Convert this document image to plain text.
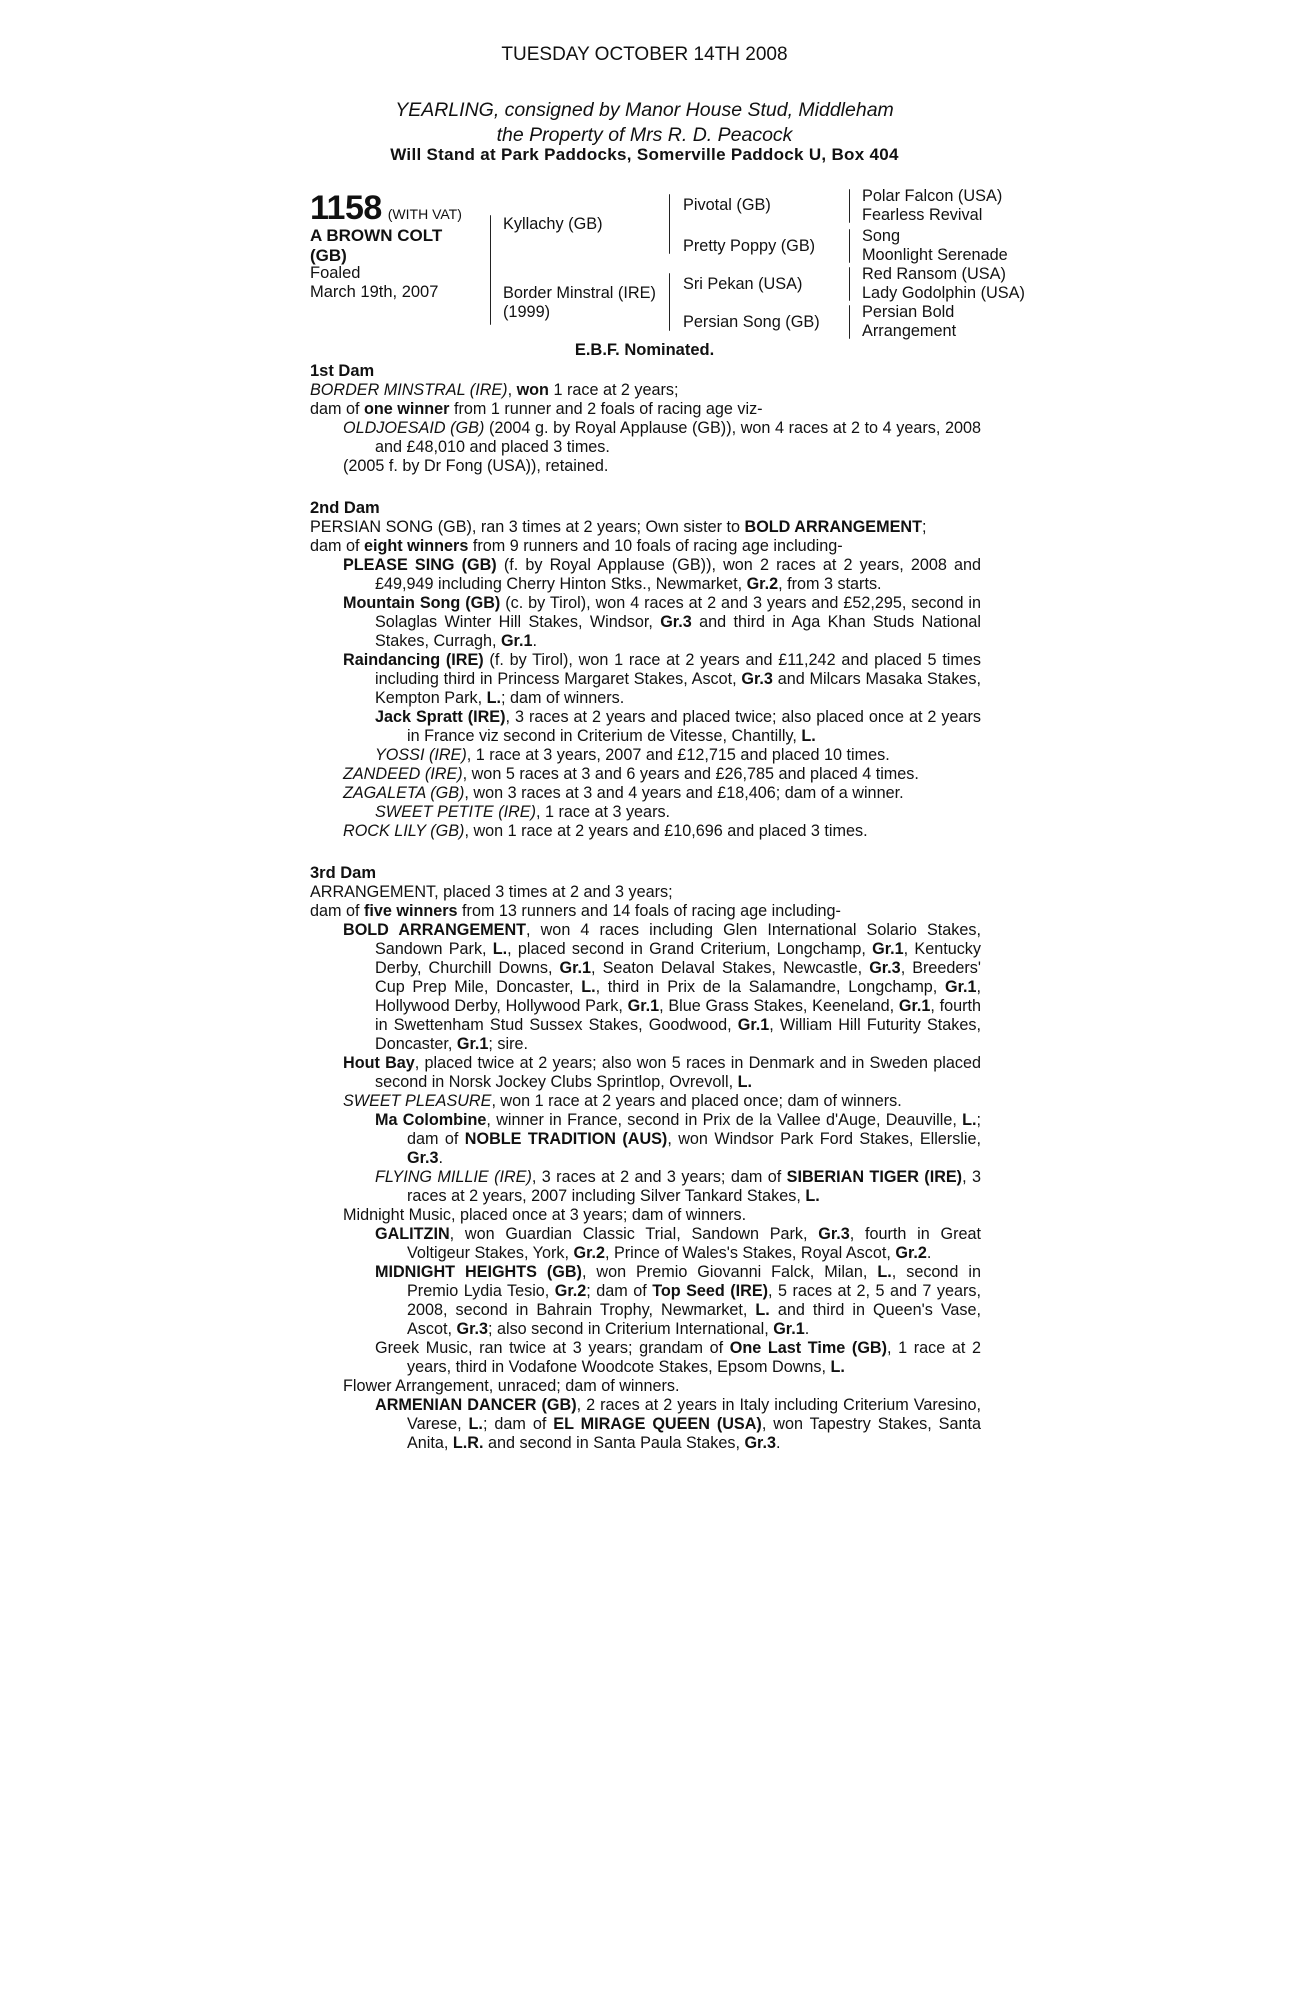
TUESDAY OCTOBER 14TH 2008
YEARLING, consigned by Manor House Stud, Middleham
the Property of Mrs R. D. Peacock
Will Stand at Park Paddocks, Somerville Paddock U, Box 404
1158 (WITH VAT)
A BROWN COLT
(GB)
Foaled
March 19th, 2007
Kyllachy (GB)
Border Minstral (IRE)
(1999)
Pivotal (GB)
Pretty Poppy (GB)
Sri Pekan (USA)
Persian Song (GB)
Polar Falcon (USA)
Fearless Revival
Song
Moonlight Serenade
Red Ransom (USA)
Lady Godolphin (USA)
Persian Bold
Arrangement
E.B.F. Nominated.
1st Dam
BORDER MINSTRAL (IRE), won 1 race at 2 years;
dam of one winner from 1 runner and 2 foals of racing age viz-
OLDJOESAID (GB) (2004 g. by Royal Applause (GB)), won 4 races at 2 to 4 years, 2008 and £48,010 and placed 3 times.
(2005 f. by Dr Fong (USA)), retained.
2nd Dam
PERSIAN SONG (GB), ran 3 times at 2 years; Own sister to BOLD ARRANGEMENT;
dam of eight winners from 9 runners and 10 foals of racing age including-
PLEASE SING (GB) (f. by Royal Applause (GB)), won 2 races at 2 years, 2008 and £49,949 including Cherry Hinton Stks., Newmarket, Gr.2, from 3 starts.
Mountain Song (GB) (c. by Tirol), won 4 races at 2 and 3 years and £52,295, second in Solaglas Winter Hill Stakes, Windsor, Gr.3 and third in Aga Khan Studs National Stakes, Curragh, Gr.1.
Raindancing (IRE) (f. by Tirol), won 1 race at 2 years and £11,242 and placed 5 times including third in Princess Margaret Stakes, Ascot, Gr.3 and Milcars Masaka Stakes, Kempton Park, L.; dam of winners.
Jack Spratt (IRE), 3 races at 2 years and placed twice; also placed once at 2 years in France viz second in Criterium de Vitesse, Chantilly, L.
YOSSI (IRE), 1 race at 3 years, 2007 and £12,715 and placed 10 times.
ZANDEED (IRE), won 5 races at 3 and 6 years and £26,785 and placed 4 times.
ZAGALETA (GB), won 3 races at 3 and 4 years and £18,406; dam of a winner.
SWEET PETITE (IRE), 1 race at 3 years.
ROCK LILY (GB), won 1 race at 2 years and £10,696 and placed 3 times.
3rd Dam
ARRANGEMENT, placed 3 times at 2 and 3 years;
dam of five winners from 13 runners and 14 foals of racing age including-
BOLD ARRANGEMENT, won 4 races including Glen International Solario Stakes, Sandown Park, L., placed second in Grand Criterium, Longchamp, Gr.1, Kentucky Derby, Churchill Downs, Gr.1, Seaton Delaval Stakes, Newcastle, Gr.3, Breeders' Cup Prep Mile, Doncaster, L., third in Prix de la Salamandre, Longchamp, Gr.1, Hollywood Derby, Hollywood Park, Gr.1, Blue Grass Stakes, Keeneland, Gr.1, fourth in Swettenham Stud Sussex Stakes, Goodwood, Gr.1, William Hill Futurity Stakes, Doncaster, Gr.1; sire.
Hout Bay, placed twice at 2 years; also won 5 races in Denmark and in Sweden placed second in Norsk Jockey Clubs Sprintlop, Ovrevoll, L.
SWEET PLEASURE, won 1 race at 2 years and placed once; dam of winners.
Ma Colombine, winner in France, second in Prix de la Vallee d'Auge, Deauville, L.; dam of NOBLE TRADITION (AUS), won Windsor Park Ford Stakes, Ellerslie, Gr.3.
FLYING MILLIE (IRE), 3 races at 2 and 3 years; dam of SIBERIAN TIGER (IRE), 3 races at 2 years, 2007 including Silver Tankard Stakes, L.
Midnight Music, placed once at 3 years; dam of winners.
GALITZIN, won Guardian Classic Trial, Sandown Park, Gr.3, fourth in Great Voltigeur Stakes, York, Gr.2, Prince of Wales's Stakes, Royal Ascot, Gr.2.
MIDNIGHT HEIGHTS (GB), won Premio Giovanni Falck, Milan, L., second in Premio Lydia Tesio, Gr.2; dam of Top Seed (IRE), 5 races at 2, 5 and 7 years, 2008, second in Bahrain Trophy, Newmarket, L. and third in Queen's Vase, Ascot, Gr.3; also second in Criterium International, Gr.1.
Greek Music, ran twice at 3 years; grandam of One Last Time (GB), 1 race at 2 years, third in Vodafone Woodcote Stakes, Epsom Downs, L.
Flower Arrangement, unraced; dam of winners.
ARMENIAN DANCER (GB), 2 races at 2 years in Italy including Criterium Varesino, Varese, L.; dam of EL MIRAGE QUEEN (USA), won Tapestry Stakes, Santa Anita, L.R. and second in Santa Paula Stakes, Gr.3.
